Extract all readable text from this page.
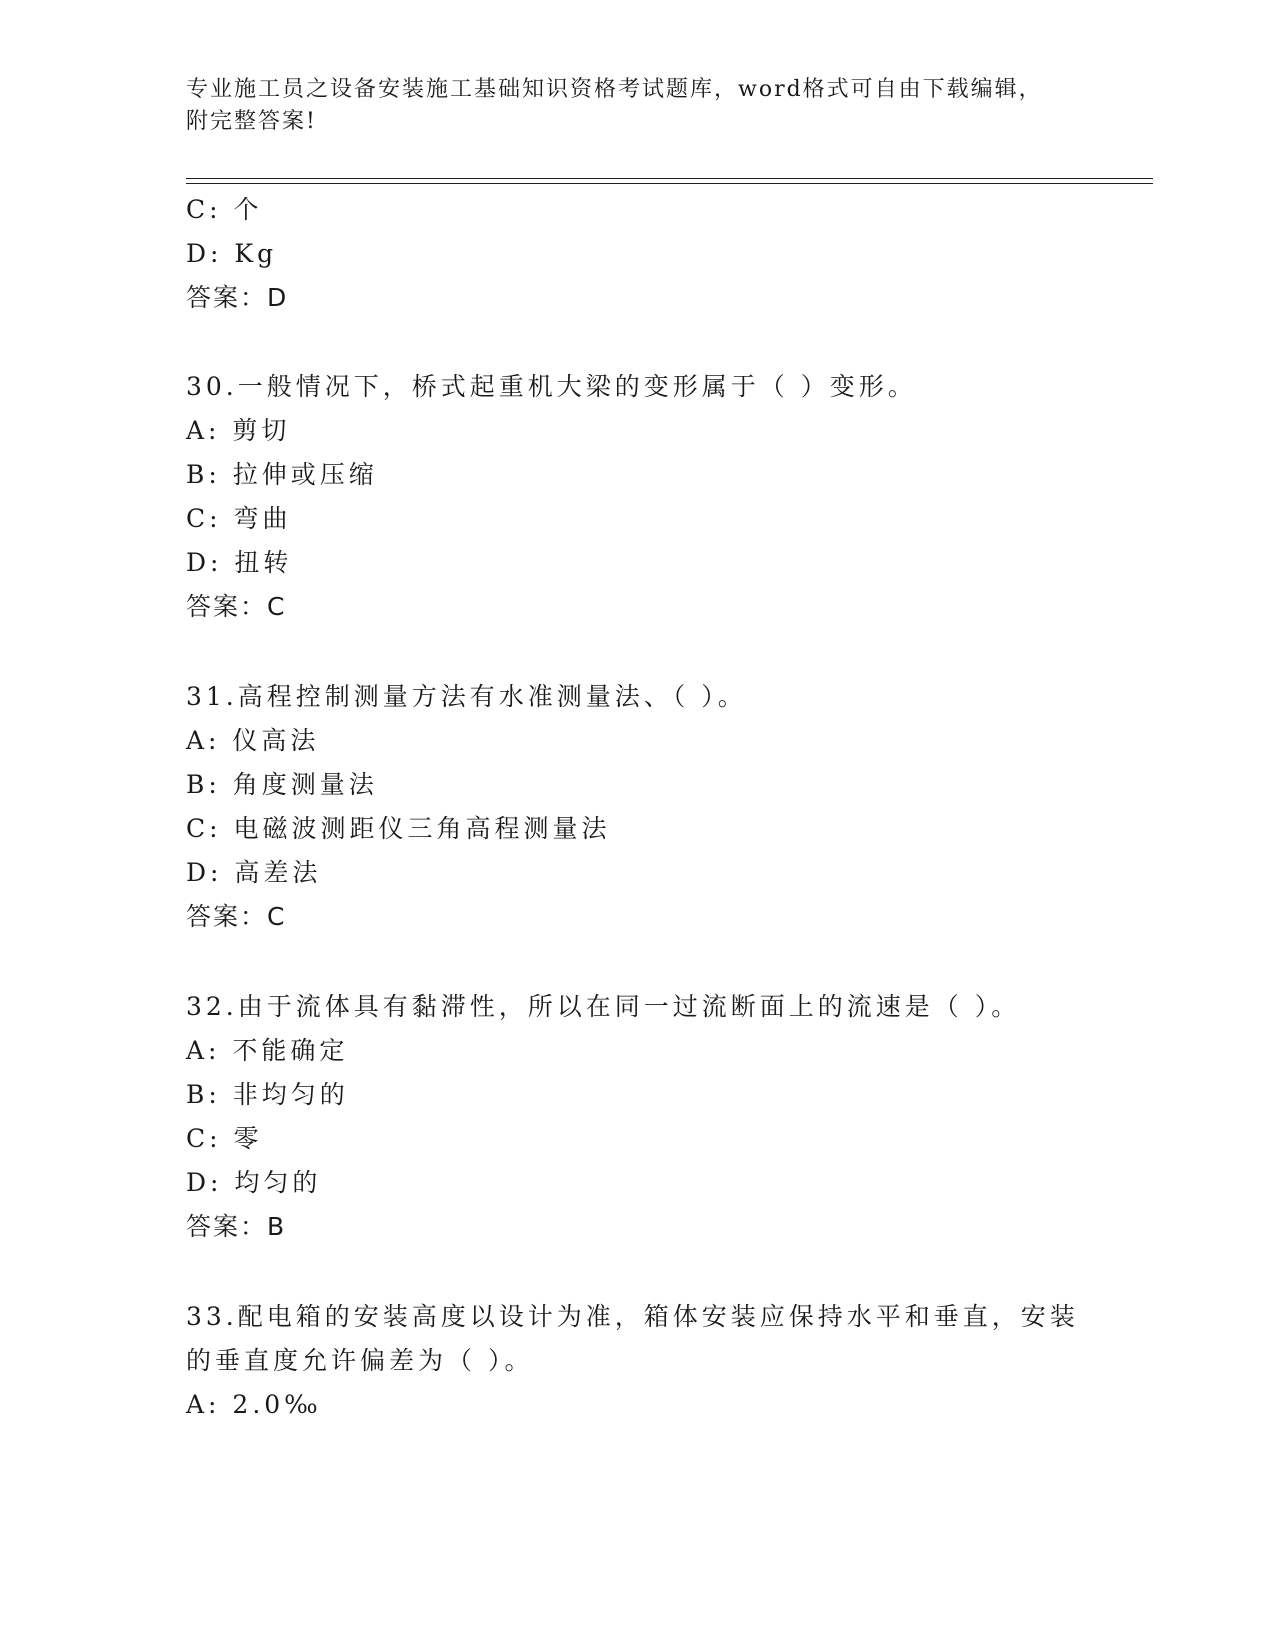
专业施工员之设备安装施工基础知识资格考试题库，word格式可自由下载编辑，
附完整答案!
C: 个
D: Kg
答案：D
30.一般情况下，桥式起重机大梁的变形属于（ ）变形。
A: 剪切
B: 拉伸或压缩
C: 弯曲
D: 扭转
答案：C
31.高程控制测量方法有水准测量法、（ ）。
A: 仪高法
B: 角度测量法
C: 电磁波测距仪三角高程测量法
D: 高差法
答案：C
32.由于流体具有黏滞性，所以在同一过流断面上的流速是（ ）。
A: 不能确定
B: 非均匀的
C: 零
D: 均匀的
答案：B
33.配电箱的安装高度以设计为准，箱体安装应保持水平和垂直，安装
的垂直度允许偏差为（ ）。
A: 2.0‰
